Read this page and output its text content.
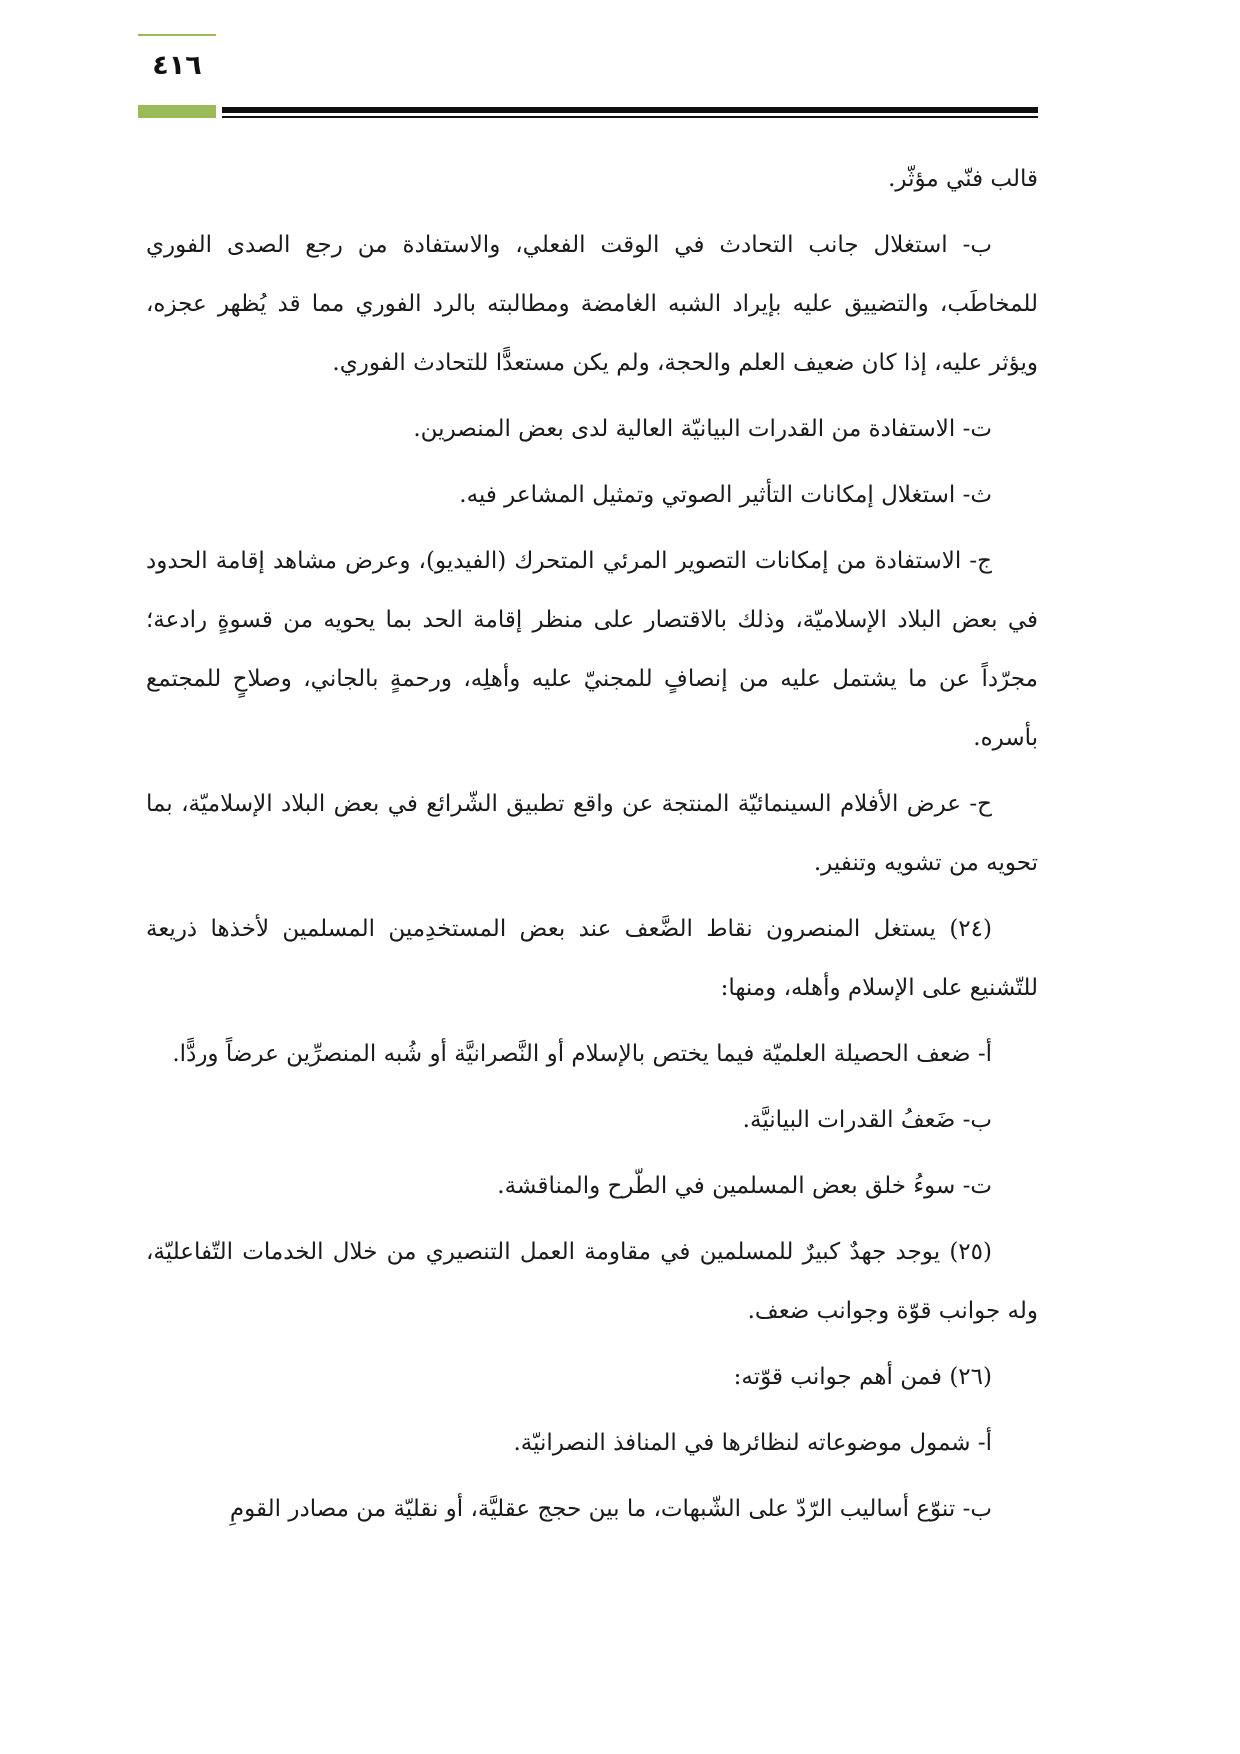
٤١٦

قالب فنّي مؤثّر.

ب- استغلال جانب التحادث في الوقت الفعلي، والاستفادة من رجع الصدى الفوري للمخاطَب، والتضييق عليه بإيراد الشبه الغامضة ومطالبته بالرد الفوري مما قد يُظهر عجزه، ويؤثر عليه، إذا كان ضعيف العلم والحجة، ولم يكن مستعدًّا للتحادث الفوري.

ت- الاستفادة من القدرات البيانيّة العالية لدى بعض المنصرين.

ث- استغلال إمكانات التأثير الصوتي وتمثيل المشاعر فيه.

ج- الاستفادة من إمكانات التصوير المرئي المتحرك (الفيديو)، وعرض مشاهد إقامة الحدود في بعض البلاد الإسلاميّة، وذلك بالاقتصار على منظر إقامة الحد بما يحويه من قسوةٍ رادعة؛ مجرّداً عن ما يشتمل عليه من إنصافٍ للمجنيّ عليه وأهلِه، ورحمةٍ بالجاني، وصلاحٍ للمجتمع بأسره.

ح- عرض الأفلام السينمائيّة المنتجة عن واقع تطبيق الشّرائع في بعض البلاد الإسلاميّة، بما تحويه من تشويه وتنفير.

(٢٤) يستغل المنصرون نقاط الضَّعف عند بعض المستخدِمين المسلمين لأخذها ذريعة للتّشنيع على الإسلام وأهله، ومنها:

أ- ضعف الحصيلة العلميّة فيما يختص بالإسلام أو النَّصرانيَّة أو شُبه المنصرِّين عرضاً وردًّا.

ب- ضَعفُ القدرات البيانيَّة.

ت- سوءُ خلق بعض المسلمين في الطّرح والمناقشة.

(٢٥) يوجد جهدٌ كبيرٌ للمسلمين في مقاومة العمل التنصيري من خلال الخدمات التّفاعليّة، وله جوانب قوّة وجوانب ضعف.

(٢٦) فمن أهم جوانب قوّته:

أ- شمول موضوعاته لنظائرها في المنافذ النصرانيّة.

ب- تنوّع أساليب الرّدّ على الشّبهات، ما بين حجج عقليَّة، أو نقليّة من مصادر القومِ
